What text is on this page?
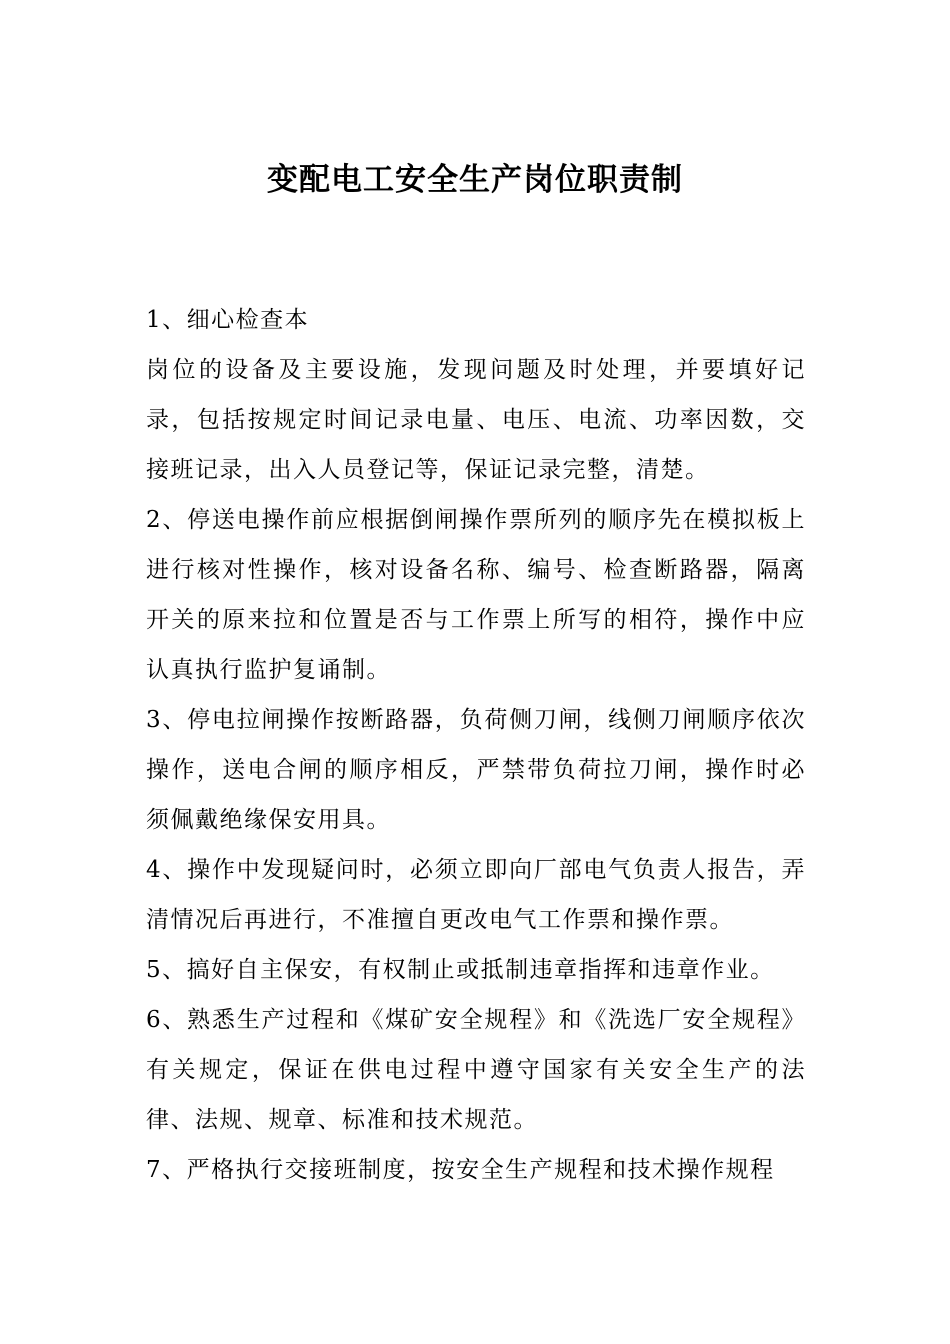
变配电工安全生产岗位职责制

1、细心检查本
岗位的设备及主要设施，发现问题及时处理，并要填好记录，包括按规定时间记录电量、电压、电流、功率因数，交接班记录，出入人员登记等，保证记录完整，清楚。

2、停送电操作前应根据倒闸操作票所列的顺序先在模拟板上进行核对性操作，核对设备名称、编号、检查断路器，隔离开关的原来拉和位置是否与工作票上所写的相符，操作中应认真执行监护复诵制。

3、停电拉闸操作按断路器，负荷侧刀闸，线侧刀闸顺序依次操作，送电合闸的顺序相反，严禁带负荷拉刀闸，操作时必须佩戴绝缘保安用具。

4、操作中发现疑问时，必须立即向厂部电气负责人报告，弄清情况后再进行，不准擅自更改电气工作票和操作票。

5、搞好自主保安，有权制止或抵制违章指挥和违章作业。

6、熟悉生产过程和《煤矿安全规程》和《洗选厂安全规程》有关规定，保证在供电过程中遵守国家有关安全生产的法律、法规、规章、标准和技术规范。

7、严格执行交接班制度，按安全生产规程和技术操作规程
